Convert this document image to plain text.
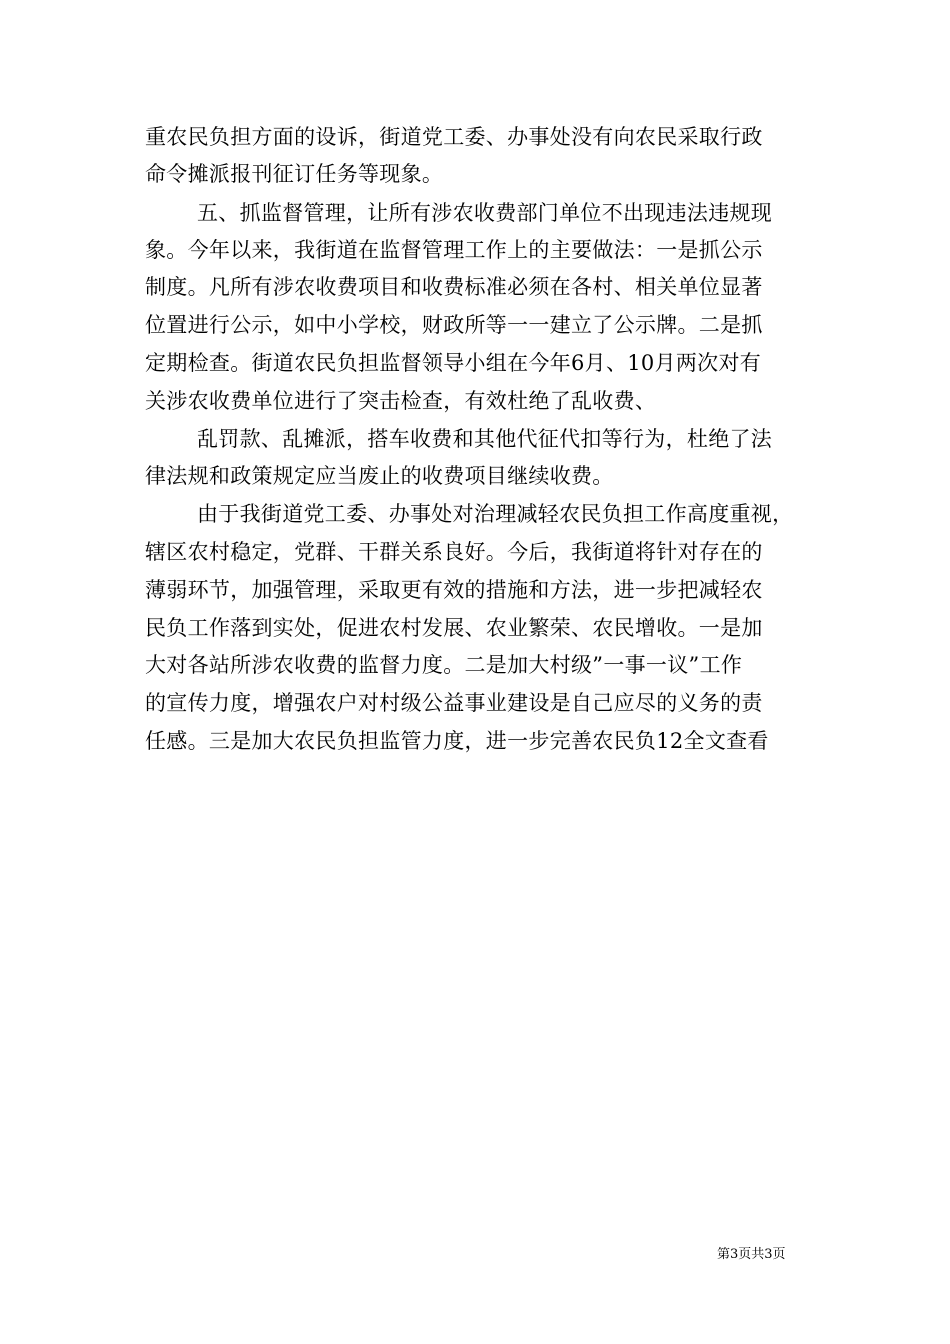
重农民负担方面的设诉，街道党工委、办事处没有向农民采取行政
命令摊派报刊征订任务等现象。
五、抓监督管理，让所有涉农收费部门单位不出现违法违规现
象。今年以来，我街道在监督管理工作上的主要做法：一是抓公示
制度。凡所有涉农收费项目和收费标准必须在各村、相关单位显著
位置进行公示，如中小学校，财政所等一一建立了公示牌。二是抓
定期检查。街道农民负担监督领导小组在今年6月、10月两次对有
关涉农收费单位进行了突击检查，有效杜绝了乱收费、
乱罚款、乱摊派，搭车收费和其他代征代扣等行为，杜绝了法
律法规和政策规定应当废止的收费项目继续收费。
由于我街道党工委、办事处对治理减轻农民负担工作高度重视，
辖区农村稳定，党群、干群关系良好。今后，我街道将针对存在的
薄弱环节，加强管理，采取更有效的措施和方法，进一步把减轻农
民负工作落到实处，促进农村发展、农业繁荣、农民增收。一是加
大对各站所涉农收费的监督力度。二是加大村级”一事一议”工作
的宣传力度，增强农户对村级公益事业建设是自己应尽的义务的责
任感。三是加大农民负担监管力度，进一步完善农民负12全文查看
第3页共3页
